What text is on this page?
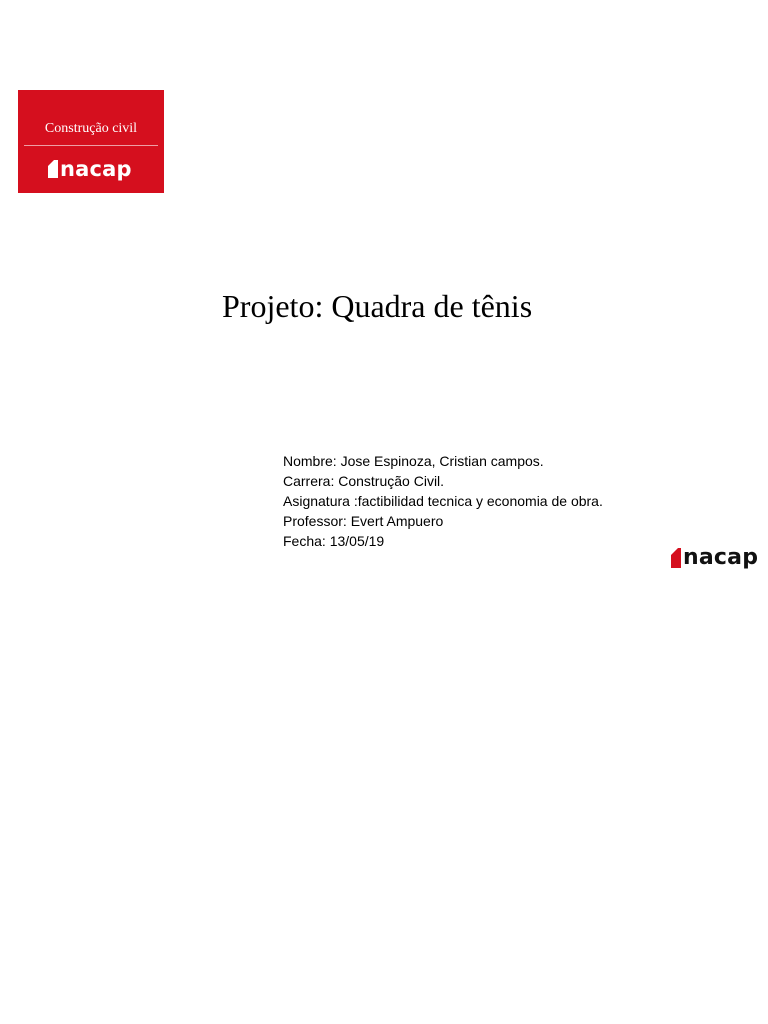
Construção civil
nacap
Projeto: Quadra de tênis
Nombre: Jose Espinoza, Cristian campos.
Carrera: Construção Civil.
Asignatura :factibilidad tecnica y economia de obra.
Professor: Evert Ampuero
Fecha: 13/05/19
nacap
